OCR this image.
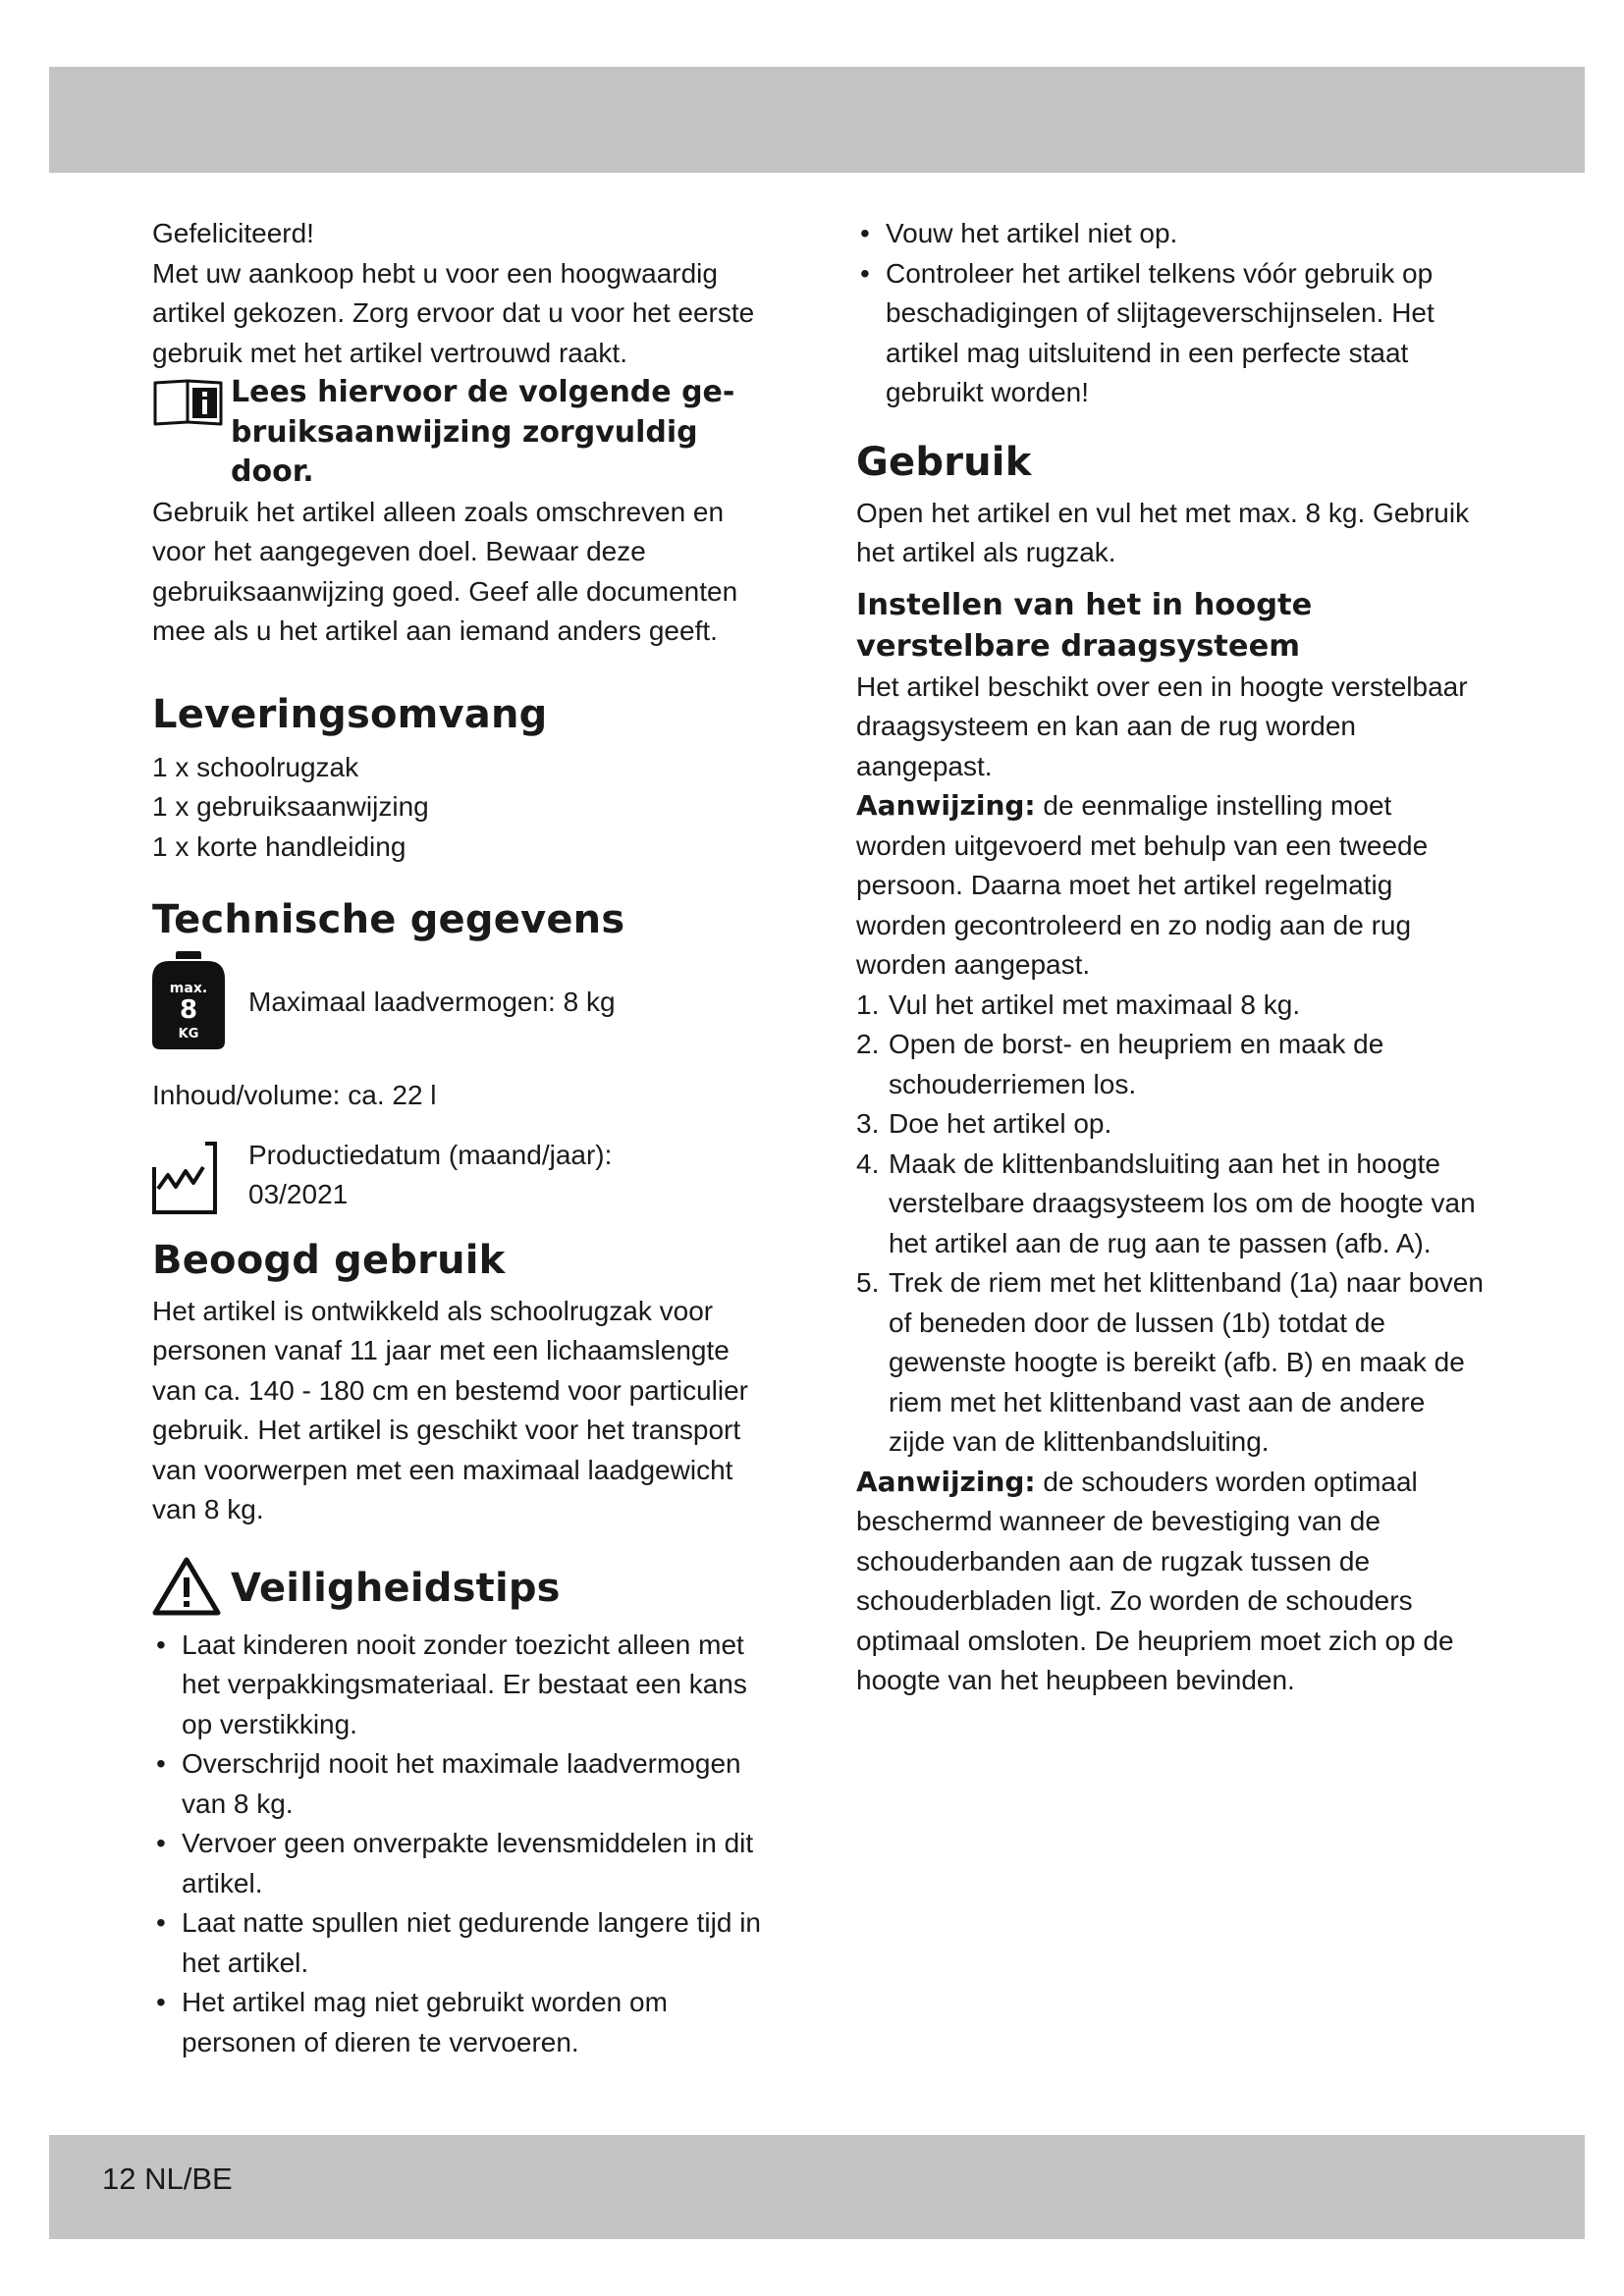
Gefeliciteerd!

Met uw aankoop hebt u voor een hoogwaardig artikel gekozen. Zorg ervoor dat u voor het eerste gebruik met het artikel vertrouwd raakt.

Lees hiervoor de volgende ge-
bruiksaanwijzing zorgvuldig door.

Gebruik het artikel alleen zoals omschreven en voor het aangegeven doel. Bewaar deze gebruiksaanwijzing goed. Geef alle documenten mee als u het artikel aan iemand anders geeft.

Leveringsomvang

1 x schoolrugzak

1 x gebruiksaanwijzing

1 x korte handleiding

Technische gegevens
max.
8
KG

Maximaal laadvermogen: 8 kg

Inhoud/volume: ca. 22 l

Productiedatum (maand/jaar):

03/2021

Beoogd gebruik

Het artikel is ontwikkeld als schoolrugzak voor personen vanaf 11 jaar met een lichaamslengte van ca. 140 - 180 cm en bestemd voor particulier gebruik. Het artikel is geschikt voor het transport van voorwerpen met een maximaal laadgewicht van 8 kg.

Veiligheidstips
• Laat kinderen nooit zonder toezicht alleen met het verpakkingsmateriaal. Er bestaat een kans op verstikking.
• Overschrijd nooit het maximale laadvermogen van 8 kg.
• Vervoer geen onverpakte levensmiddelen in dit artikel.
• Laat natte spullen niet gedurende langere tijd in het artikel.
• Het artikel mag niet gebruikt worden om personen of dieren te vervoeren.
• Vouw het artikel niet op.
• Controleer het artikel telkens vóór gebruik op beschadigingen of slijtageverschijnselen. Het artikel mag uitsluitend in een perfecte staat gebruikt worden!
Gebruik

Open het artikel en vul het met max. 8 kg. Gebruik het artikel als rugzak.

Instellen van het in hoogte verstelbare draagsysteem

Het artikel beschikt over een in hoogte verstelbaar draagsysteem en kan aan de rug worden aangepast.

Aanwijzing: de eenmalige instelling moet worden uitgevoerd met behulp van een tweede persoon. Daarna moet het artikel regelmatig worden gecontroleerd en zo nodig aan de rug worden aangepast.

1. Vul het artikel met maximaal 8 kg.
2. Open de borst- en heupriem en maak de schouderriemen los.
3. Doe het artikel op.
4. Maak de klittenbandsluiting aan het in hoogte verstelbare draagsysteem los om de hoogte van het artikel aan de rug aan te passen (afb. A).
5. Trek de riem met het klittenband (1a) naar boven of beneden door de lussen (1b) totdat de gewenste hoogte is bereikt (afb. B) en maak de riem met het klittenband vast aan de andere zijde van de klittenbandsluiting.

Aanwijzing: de schouders worden optimaal beschermd wanneer de bevestiging van de schouderbanden aan de rugzak tussen de schouderbladen ligt. Zo worden de schouders optimaal omsloten. De heupriem moet zich op de hoogte van het heupbeen bevinden.

12 NL/BE
